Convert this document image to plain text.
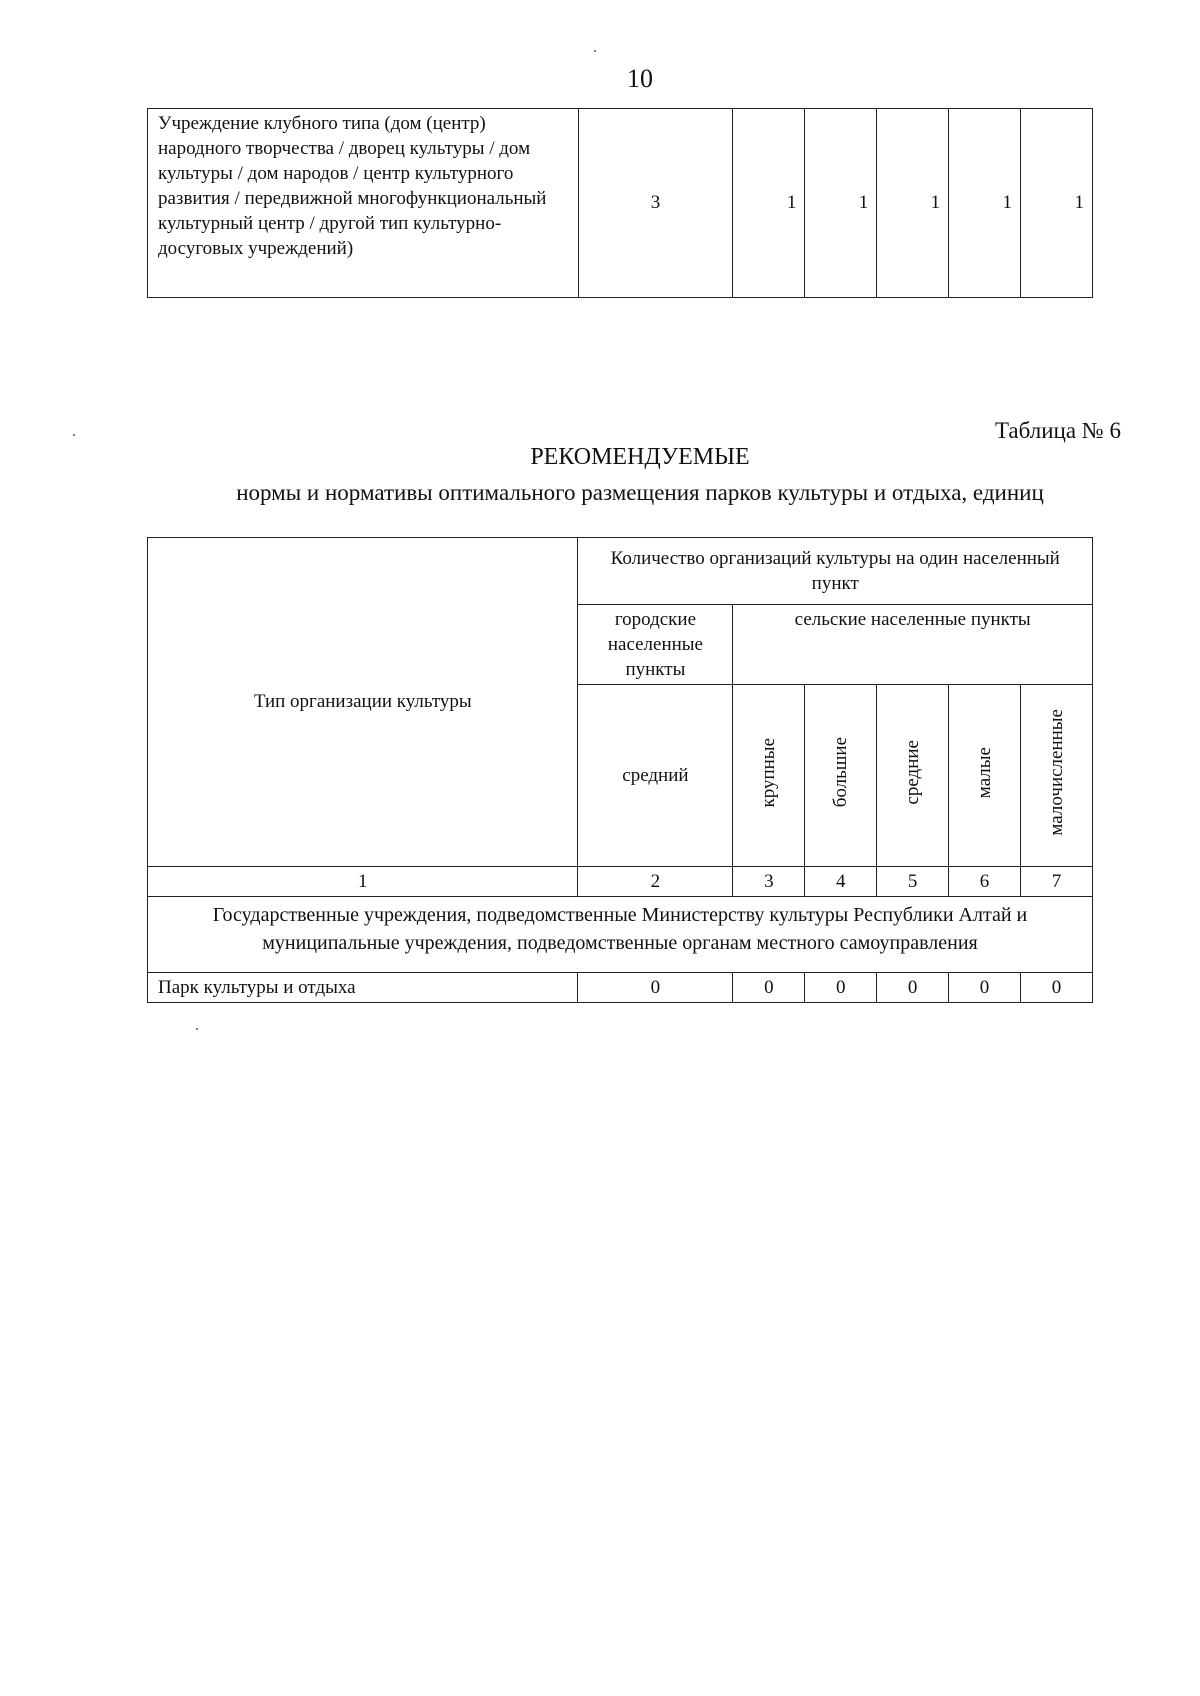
10
Учреждение клубного типа (дом (центр) народного творчества / дворец культуры / дом культуры / дом народов / центр культурного развития / передвижной многофункциональный культурный центр / другой тип культурно-досуговых учреждений)	3	1	1	1	1	1
Таблица № 6
РЕКОМЕНДУЕМЫЕ
нормы и нормативы оптимального размещения парков культуры и отдыха, единиц
Тип организации культуры	Количество организаций культуры на один населенный пункт					
	городские населенные пункты	сельские населенные пункты				
	средний	крупные	большие	средние	малые	малочисленные
1	2	3	4	5	6	7
Государственные учреждения, подведомственные Министерству культуры Республики Алтай и муниципальные учреждения, подведомственные органам местного самоуправления						
Парк культуры и отдыха	0	0	0	0	0	0
